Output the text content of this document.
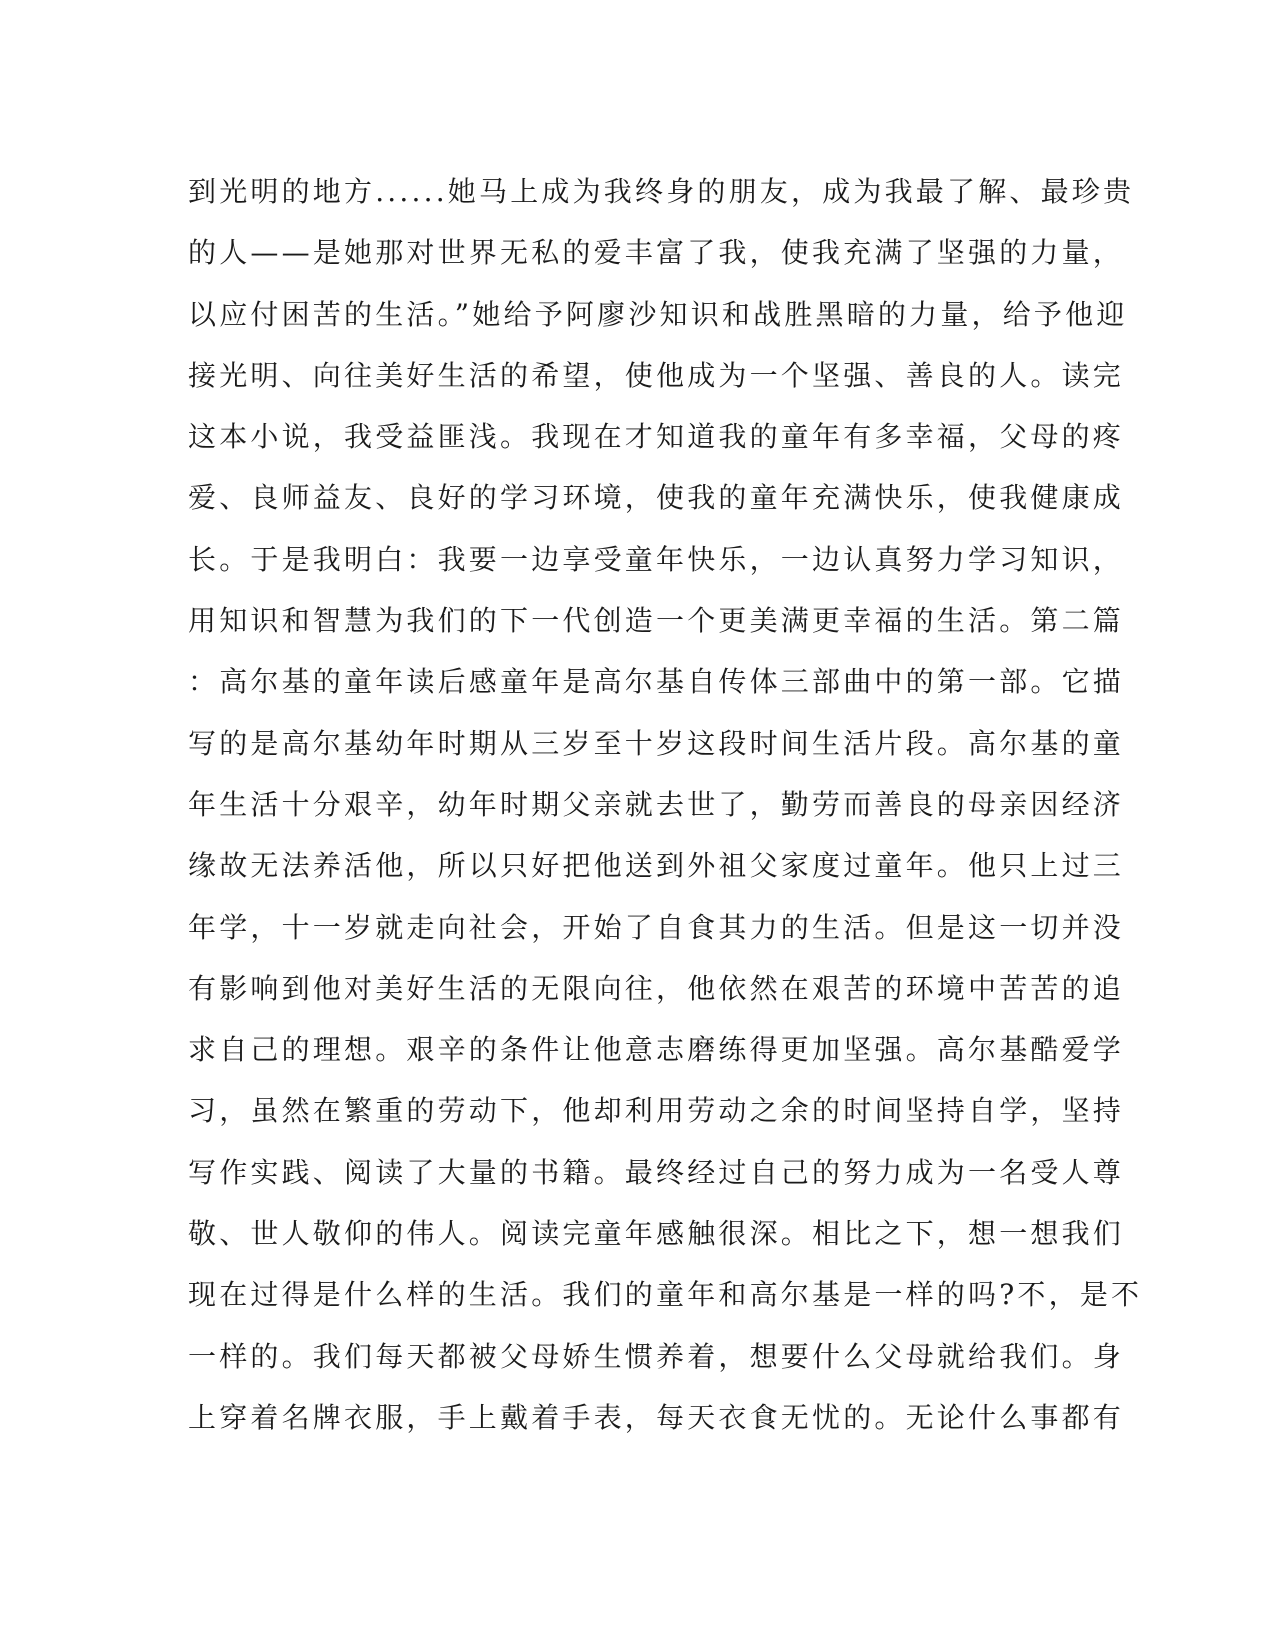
到光明的地方......她马上成为我终身的朋友，成为我最了解、最珍贵
的人——是她那对世界无私的爱丰富了我，使我充满了坚强的力量，
以应付困苦的生活。”她给予阿廖沙知识和战胜黑暗的力量，给予他迎
接光明、向往美好生活的希望，使他成为一个坚强、善良的人。读完
这本小说，我受益匪浅。我现在才知道我的童年有多幸福，父母的疼
爱、良师益友、良好的学习环境，使我的童年充满快乐，使我健康成
长。于是我明白：我要一边享受童年快乐，一边认真努力学习知识，
用知识和智慧为我们的下一代创造一个更美满更幸福的生活。第二篇
：高尔基的童年读后感童年是高尔基自传体三部曲中的第一部。它描
写的是高尔基幼年时期从三岁至十岁这段时间生活片段。高尔基的童
年生活十分艰辛，幼年时期父亲就去世了，勤劳而善良的母亲因经济
缘故无法养活他，所以只好把他送到外祖父家度过童年。他只上过三
年学，十一岁就走向社会，开始了自食其力的生活。但是这一切并没
有影响到他对美好生活的无限向往，他依然在艰苦的环境中苦苦的追
求自己的理想。艰辛的条件让他意志磨练得更加坚强。高尔基酷爱学
习，虽然在繁重的劳动下，他却利用劳动之余的时间坚持自学，坚持
写作实践、阅读了大量的书籍。最终经过自己的努力成为一名受人尊
敬、世人敬仰的伟人。阅读完童年感触很深。相比之下，想一想我们
现在过得是什么样的生活。我们的童年和高尔基是一样的吗?不，是不
一样的。我们每天都被父母娇生惯养着，想要什么父母就给我们。身
上穿着名牌衣服，手上戴着手表，每天衣食无忧的。无论什么事都有
